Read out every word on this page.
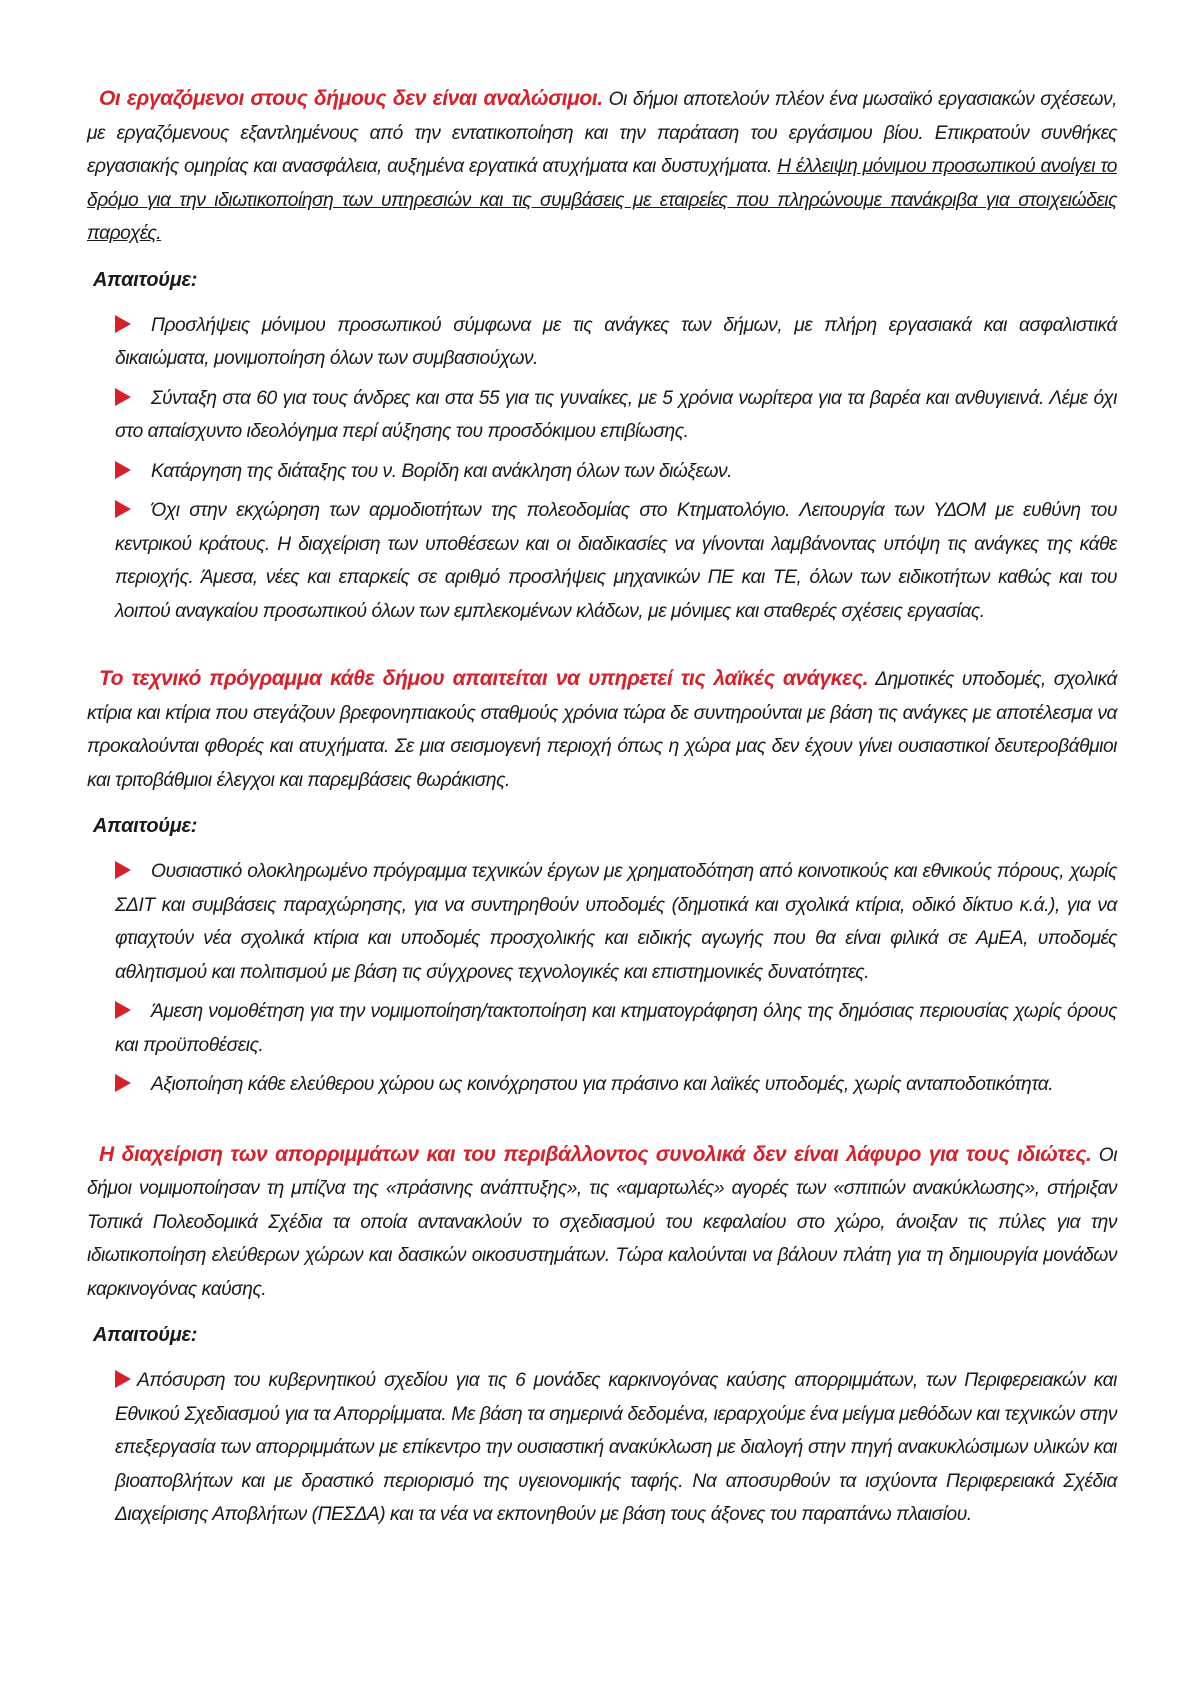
Οι εργαζόμενοι στους δήμους δεν είναι αναλώσιμοι. Οι δήμοι αποτελούν πλέον ένα μωσαϊκό εργασιακών σχέσεων, με εργαζόμενους εξαντλημένους από την εντατικοποίηση και την παράταση του εργάσιμου βίου. Επικρατούν συνθήκες εργασιακής ομηρίας και ανασφάλεια, αυξημένα εργατικά ατυχήματα και δυστυχήματα. Η έλλειψη μόνιμου προσωπικού ανοίγει το δρόμο για την ιδιωτικοποίηση των υπηρεσιών και τις συμβάσεις με εταιρείες που πληρώνουμε πανάκριβα για στοιχειώδεις παροχές.

Απαιτούμε:
Προσλήψεις μόνιμου προσωπικού σύμφωνα με τις ανάγκες των δήμων, με πλήρη εργασιακά και ασφαλιστικά δικαιώματα, μονιμοποίηση όλων των συμβασιούχων.
Σύνταξη στα 60 για τους άνδρες και στα 55 για τις γυναίκες, με 5 χρόνια νωρίτερα για τα βαρέα και ανθυγιεινά. Λέμε όχι στο απαίσχυντο ιδεολόγημα περί αύξησης του προσδόκιμου επιβίωσης.
Κατάργηση της διάταξης του ν. Βορίδη και ανάκληση όλων των διώξεων.
Όχι στην εκχώρηση των αρμοδιοτήτων της πολεοδομίας στο Κτηματολόγιο. Λειτουργία των ΥΔΟΜ με ευθύνη του κεντρικού κράτους. Η διαχείριση των υποθέσεων και οι διαδικασίες να γίνονται λαμβάνοντας υπόψη τις ανάγκες της κάθε περιοχής. Άμεσα, νέες και επαρκείς σε αριθμό προσλήψεις μηχανικών ΠΕ και ΤΕ, όλων των ειδικοτήτων καθώς και του λοιπού αναγκαίου προσωπικού όλων των εμπλεκομένων κλάδων, με μόνιμες και σταθερές σχέσεις εργασίας.

Το τεχνικό πρόγραμμα κάθε δήμου απαιτείται να υπηρετεί τις λαϊκές ανάγκες. Δημοτικές υποδομές, σχολικά κτίρια και κτίρια που στεγάζουν βρεφονηπιακούς σταθμούς χρόνια τώρα δε συντηρούνται με βάση τις ανάγκες με αποτέλεσμα να προκαλούνται φθορές και ατυχήματα. Σε μια σεισμογενή περιοχή όπως η χώρα μας δεν έχουν γίνει ουσιαστικοί δευτεροβάθμιοι και τριτοβάθμιοι έλεγχοι και παρεμβάσεις θωράκισης.

Απαιτούμε:
Ουσιαστικό ολοκληρωμένο πρόγραμμα τεχνικών έργων με χρηματοδότηση από κοινοτικούς και εθνικούς πόρους, χωρίς ΣΔΙΤ και συμβάσεις παραχώρησης, για να συντηρηθούν υποδομές (δημοτικά και σχολικά κτίρια, οδικό δίκτυο κ.ά.), για να φτιαχτούν νέα σχολικά κτίρια και υποδομές προσχολικής και ειδικής αγωγής που θα είναι φιλικά σε ΑμΕΑ, υποδομές αθλητισμού και πολιτισμού με βάση τις σύγχρονες τεχνολογικές και επιστημονικές δυνατότητες.
Άμεση νομοθέτηση για την νομιμοποίηση/τακτοποίηση και κτηματογράφηση όλης της δημόσιας περιουσίας χωρίς όρους και προϋποθέσεις.
Αξιοποίηση κάθε ελεύθερου χώρου ως κοινόχρηστου για πράσινο και λαϊκές υποδομές, χωρίς ανταποδοτικότητα.

Η διαχείριση των απορριμμάτων και του περιβάλλοντος συνολικά δεν είναι λάφυρο για τους ιδιώτες. Οι δήμοι νομιμοποίησαν τη μπίζνα της «πράσινης ανάπτυξης», τις «αμαρτωλές» αγορές των «σπιτιών ανακύκλωσης», στήριξαν Τοπικά Πολεοδομικά Σχέδια τα οποία αντανακλούν το σχεδιασμού του κεφαλαίου στο χώρο, άνοιξαν τις πύλες για την ιδιωτικοποίηση ελεύθερων χώρων και δασικών οικοσυστημάτων. Τώρα καλούνται να βάλουν πλάτη για τη δημιουργία μονάδων καρκινογόνας καύσης.

Απαιτούμε:
Απόσυρση του κυβερνητικού σχεδίου για τις 6 μονάδες καρκινογόνας καύσης απορριμμάτων, των Περιφερειακών και Εθνικού Σχεδιασμού για τα Απορρίμματα. Με βάση τα σημερινά δεδομένα, ιεραρχούμε ένα μείγμα μεθόδων και τεχνικών στην επεξεργασία των απορριμμάτων με επίκεντρο την ουσιαστική ανακύκλωση με διαλογή στην πηγή ανακυκλώσιμων υλικών και βιοαποβλήτων και με δραστικό περιορισμό της υγειονομικής ταφής. Να αποσυρθούν τα ισχύοντα Περιφερειακά Σχέδια Διαχείρισης Αποβλήτων (ΠΕΣΔΑ) και τα νέα να εκπονηθούν με βάση τους άξονες του παραπάνω πλαισίου.
